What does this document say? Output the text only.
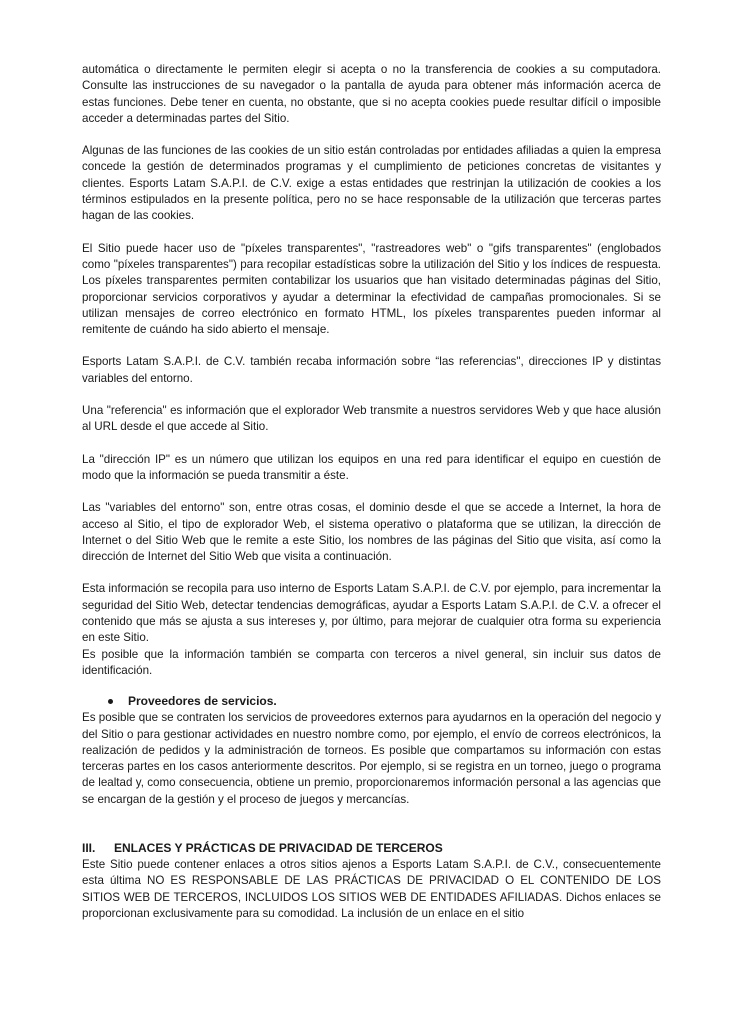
automática o directamente le permiten elegir si acepta o no la transferencia de cookies a su computadora. Consulte las instrucciones de su navegador o la pantalla de ayuda para obtener más información acerca de estas funciones. Debe tener en cuenta, no obstante, que si no acepta cookies puede resultar difícil o imposible acceder a determinadas partes del Sitio.

Algunas de las funciones de las cookies de un sitio están controladas por entidades afiliadas a quien la empresa concede la gestión de determinados programas y el cumplimiento de peticiones concretas de visitantes y clientes. Esports Latam S.A.P.I. de C.V. exige a estas entidades que restrinjan la utilización de cookies a los términos estipulados en la presente política, pero no se hace responsable de la utilización que terceras partes hagan de las cookies.

El Sitio puede hacer uso de "píxeles transparentes", "rastreadores web" o "gifs transparentes" (englobados como "píxeles transparentes") para recopilar estadísticas sobre la utilización del Sitio y los índices de respuesta. Los píxeles transparentes permiten contabilizar los usuarios que han visitado determinadas páginas del Sitio, proporcionar servicios corporativos y ayudar a determinar la efectividad de campañas promocionales. Si se utilizan mensajes de correo electrónico en formato HTML, los píxeles transparentes pueden informar al remitente de cuándo ha sido abierto el mensaje.

Esports Latam S.A.P.I. de C.V. también recaba información sobre “las referencias", direcciones IP y distintas variables del entorno.

Una "referencia" es información que el explorador Web transmite a nuestros servidores Web y que hace alusión al URL desde el que accede al Sitio.

La "dirección IP" es un número que utilizan los equipos en una red para identificar el equipo en cuestión de modo que la información se pueda transmitir a éste.

Las "variables del entorno" son, entre otras cosas, el dominio desde el que se accede a Internet, la hora de acceso al Sitio, el tipo de explorador Web, el sistema operativo o plataforma que se utilizan, la dirección de Internet o del Sitio Web que le remite a este Sitio, los nombres de las páginas del Sitio que visita, así como la dirección de Internet del Sitio Web que visita a continuación.

Esta información se recopila para uso interno de Esports Latam S.A.P.I. de C.V. por ejemplo, para incrementar la seguridad del Sitio Web, detectar tendencias demográficas, ayudar a Esports Latam S.A.P.I. de C.V. a ofrecer el contenido que más se ajusta a sus intereses y, por último, para mejorar de cualquier otra forma su experiencia en este Sitio.

Es posible que la información también se comparta con terceros a nivel general, sin incluir sus datos de identificación.

Proveedores de servicios.

Es posible que se contraten los servicios de proveedores externos para ayudarnos en la operación del negocio y del Sitio o para gestionar actividades en nuestro nombre como, por ejemplo, el envío de correos electrónicos, la realización de pedidos y la administración de torneos. Es posible que compartamos su información con estas terceras partes en los casos anteriormente descritos. Por ejemplo, si se registra en un torneo, juego o programa de lealtad y, como consecuencia, obtiene un premio, proporcionaremos información personal a las agencias que se encargan de la gestión y el proceso de juegos y mercancías.

III.	ENLACES Y PRÁCTICAS DE PRIVACIDAD DE TERCEROS

Este Sitio puede contener enlaces a otros sitios ajenos a Esports Latam S.A.P.I. de C.V., consecuentemente esta última NO ES RESPONSABLE DE LAS PRÁCTICAS DE PRIVACIDAD O EL CONTENIDO DE LOS SITIOS WEB DE TERCEROS, INCLUIDOS LOS SITIOS WEB DE ENTIDADES AFILIADAS. Dichos enlaces se proporcionan exclusivamente para su comodidad. La inclusión de un enlace en el sitio
